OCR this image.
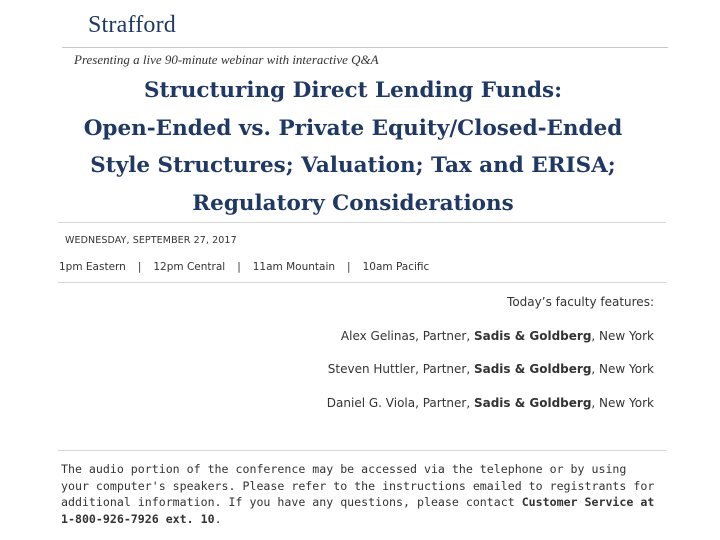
Strafford
Presenting a live 90-minute webinar with interactive Q&A
Structuring Direct Lending Funds:
Open-Ended vs. Private Equity/Closed-Ended
Style Structures; Valuation; Tax and ERISA;
Regulatory Considerations
WEDNESDAY, SEPTEMBER 27, 2017
1pm Eastern | 12pm Central | 11am Mountain | 10am Pacific
Today’s faculty features:
Alex Gelinas, Partner, Sadis & Goldberg, New York
Steven Huttler, Partner, Sadis & Goldberg, New York
Daniel G. Viola, Partner, Sadis & Goldberg, New York
The audio portion of the conference may be accessed via the telephone or by using your computer's speakers. Please refer to the instructions emailed to registrants for additional information. If you have any questions, please contact Customer Service at 1-800-926-7926 ext. 10.
